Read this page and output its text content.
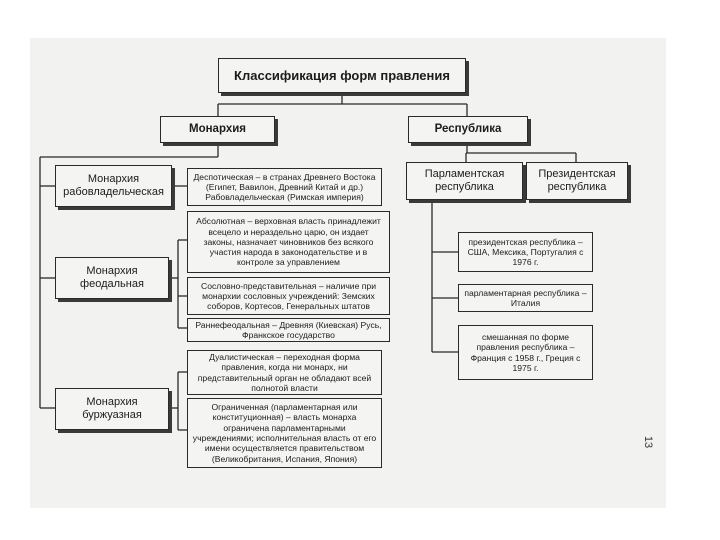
Классификация форм правления
Монархия	Республика
Монархия рабовладельческая
Деспотическая – в странах Древнего Востока (Египет, Вавилон, Древний Китай и др.) Рабовладельческая (Римская империя)
Монархия феодальная
Абсолютная – верховная власть принадлежит всецело и нераздельно царю, он издает законы, назначает чиновников без всякого участия народа в законодательстве и в контроле за управлением
Сословно-представительная – наличие при монархии сословных учреждений: Земских соборов, Кортесов, Генеральных штатов
Раннефеодальная – Древняя (Киевская) Русь, Франкское государство
Дуалистическая – переходная форма правления, когда ни монарх, ни представительный орган не обладают всей полнотой власти
Монархия буржуазная
Ограниченная (парламентарная или конституционная) – власть монарха ограничена парламентарными учреждениями; исполнительная власть от его имени осуществляется правительством (Великобритания, Испания, Япония)
Парламентская республика
Президентская республика
президентская республика – США, Мексика, Португалия с 1976 г.
парламентарная республика – Италия
смешанная по форме правления республика – Франция с 1958 г., Греция с 1975 г.
13
